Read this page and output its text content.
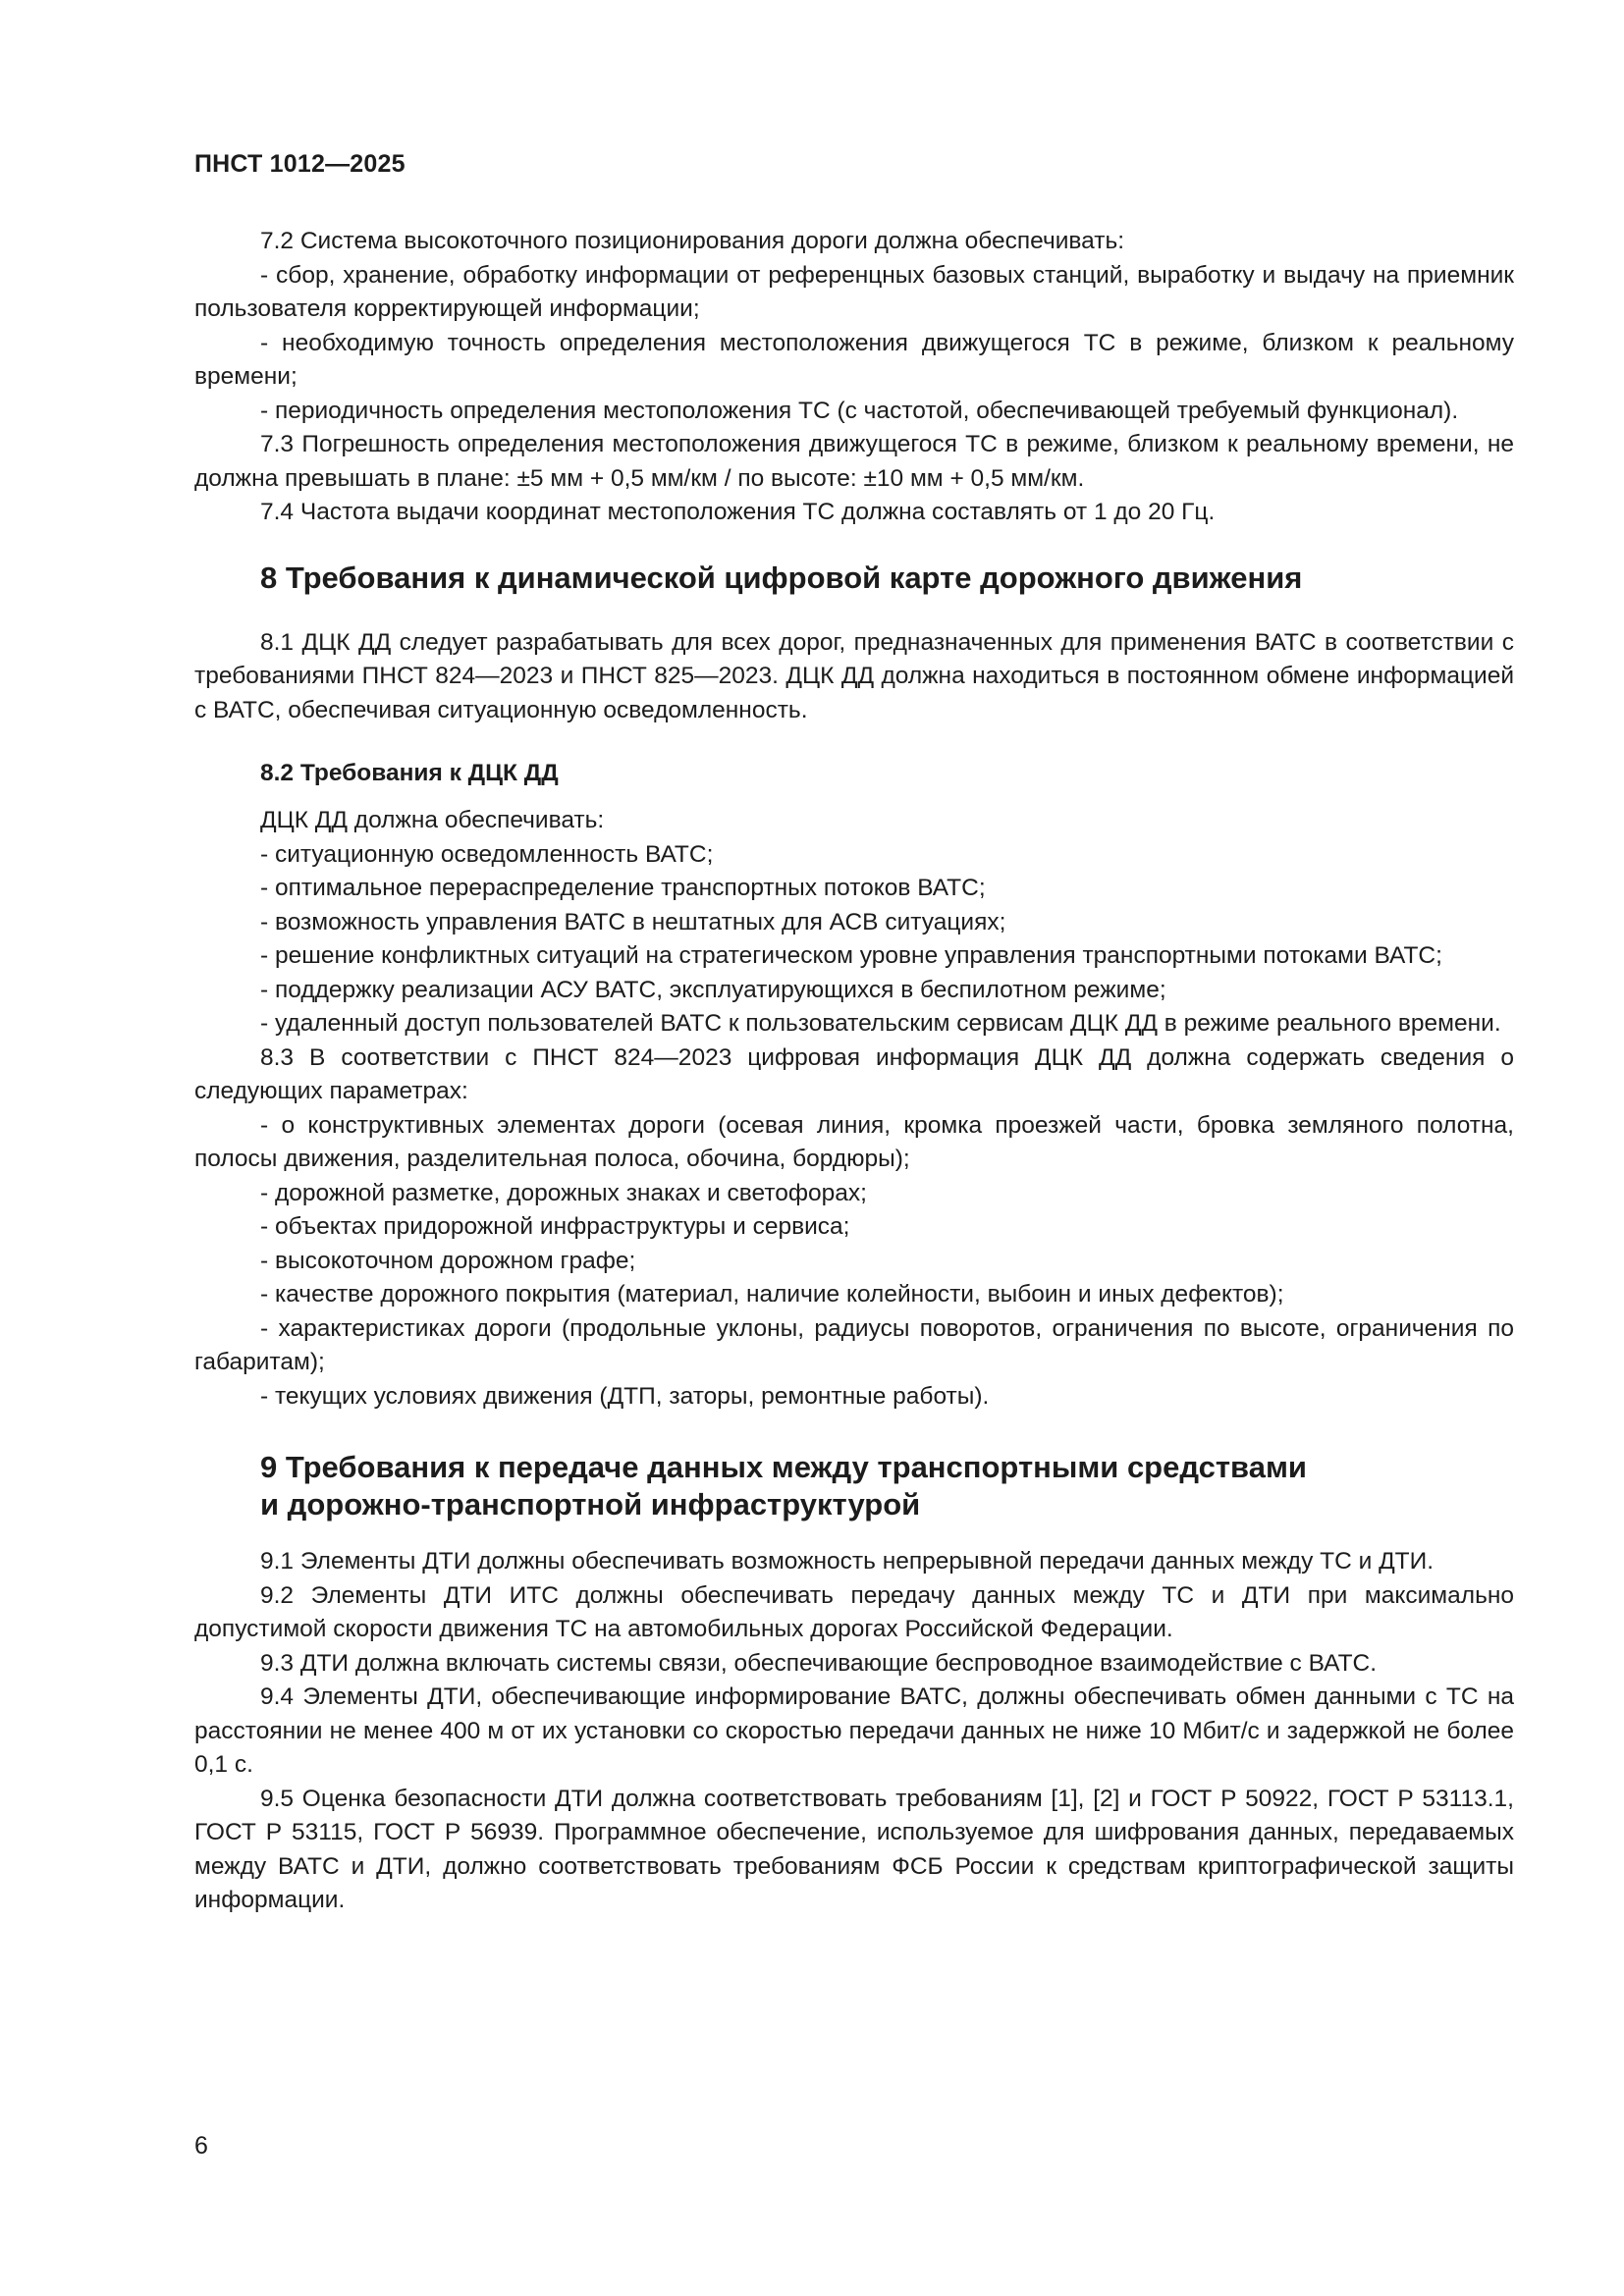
ПНСТ 1012—2025

7.2 Система высокоточного позиционирования дороги должна обеспечивать:

- сбор, хранение, обработку информации от референцных базовых станций, выработку и выдачу на приемник пользователя корректирующей информации;

- необходимую точность определения местоположения движущегося ТС в режиме, близком к реальному времени;

- периодичность определения местоположения ТС (с частотой, обеспечивающей требуемый функционал).

7.3 Погрешность определения местоположения движущегося ТС в режиме, близком к реальному времени, не должна превышать в плане: ±5 мм + 0,5 мм/км / по высоте: ±10 мм + 0,5 мм/км.

7.4 Частота выдачи координат местоположения ТС должна составлять от 1 до 20 Гц.

8 Требования к динамической цифровой карте дорожного движения

8.1 ДЦК ДД следует разрабатывать для всех дорог, предназначенных для применения ВАТС в соответствии с требованиями ПНСТ 824—2023 и ПНСТ 825—2023. ДЦК ДД должна находиться в постоянном обмене информацией с ВАТС, обеспечивая ситуационную осведомленность.

8.2 Требования к ДЦК ДД

ДЦК ДД должна обеспечивать:

- ситуационную осведомленность ВАТС;

- оптимальное перераспределение транспортных потоков ВАТС;

- возможность управления ВАТС в нештатных для АСВ ситуациях;

- решение конфликтных ситуаций на стратегическом уровне управления транспортными потоками ВАТС;

- поддержку реализации АСУ ВАТС, эксплуатирующихся в беспилотном режиме;

- удаленный доступ пользователей ВАТС к пользовательским сервисам ДЦК ДД в режиме реального времени.

8.3 В соответствии с ПНСТ 824—2023 цифровая информация ДЦК ДД должна содержать сведения о следующих параметрах:

- о конструктивных элементах дороги (осевая линия, кромка проезжей части, бровка земляного полотна, полосы движения, разделительная полоса, обочина, бордюры);

- дорожной разметке, дорожных знаках и светофорах;

- объектах придорожной инфраструктуры и сервиса;

- высокоточном дорожном графе;

- качестве дорожного покрытия (материал, наличие колейности, выбоин и иных дефектов);

- характеристиках дороги (продольные уклоны, радиусы поворотов, ограничения по высоте, ограничения по габаритам);

- текущих условиях движения (ДТП, заторы, ремонтные работы).

9 Требования к передаче данных между транспортными средствами
и дорожно-транспортной инфраструктурой

9.1 Элементы ДТИ должны обеспечивать возможность непрерывной передачи данных между ТС и ДТИ.

9.2 Элементы ДТИ ИТС должны обеспечивать передачу данных между ТС и ДТИ при максимально допустимой скорости движения ТС на автомобильных дорогах Российской Федерации.

9.3 ДТИ должна включать системы связи, обеспечивающие беспроводное взаимодействие с ВАТС.

9.4 Элементы ДТИ, обеспечивающие информирование ВАТС, должны обеспечивать обмен данными с ТС на расстоянии не менее 400 м от их установки со скоростью передачи данных не ниже 10 Мбит/с и задержкой не более 0,1 с.

9.5 Оценка безопасности ДТИ должна соответствовать требованиям [1], [2] и ГОСТ Р 50922, ГОСТ Р 53113.1, ГОСТ Р 53115, ГОСТ Р 56939. Программное обеспечение, используемое для шифрования данных, передаваемых между ВАТС и ДТИ, должно соответствовать требованиям ФСБ России к средствам криптографической защиты информации.

6
